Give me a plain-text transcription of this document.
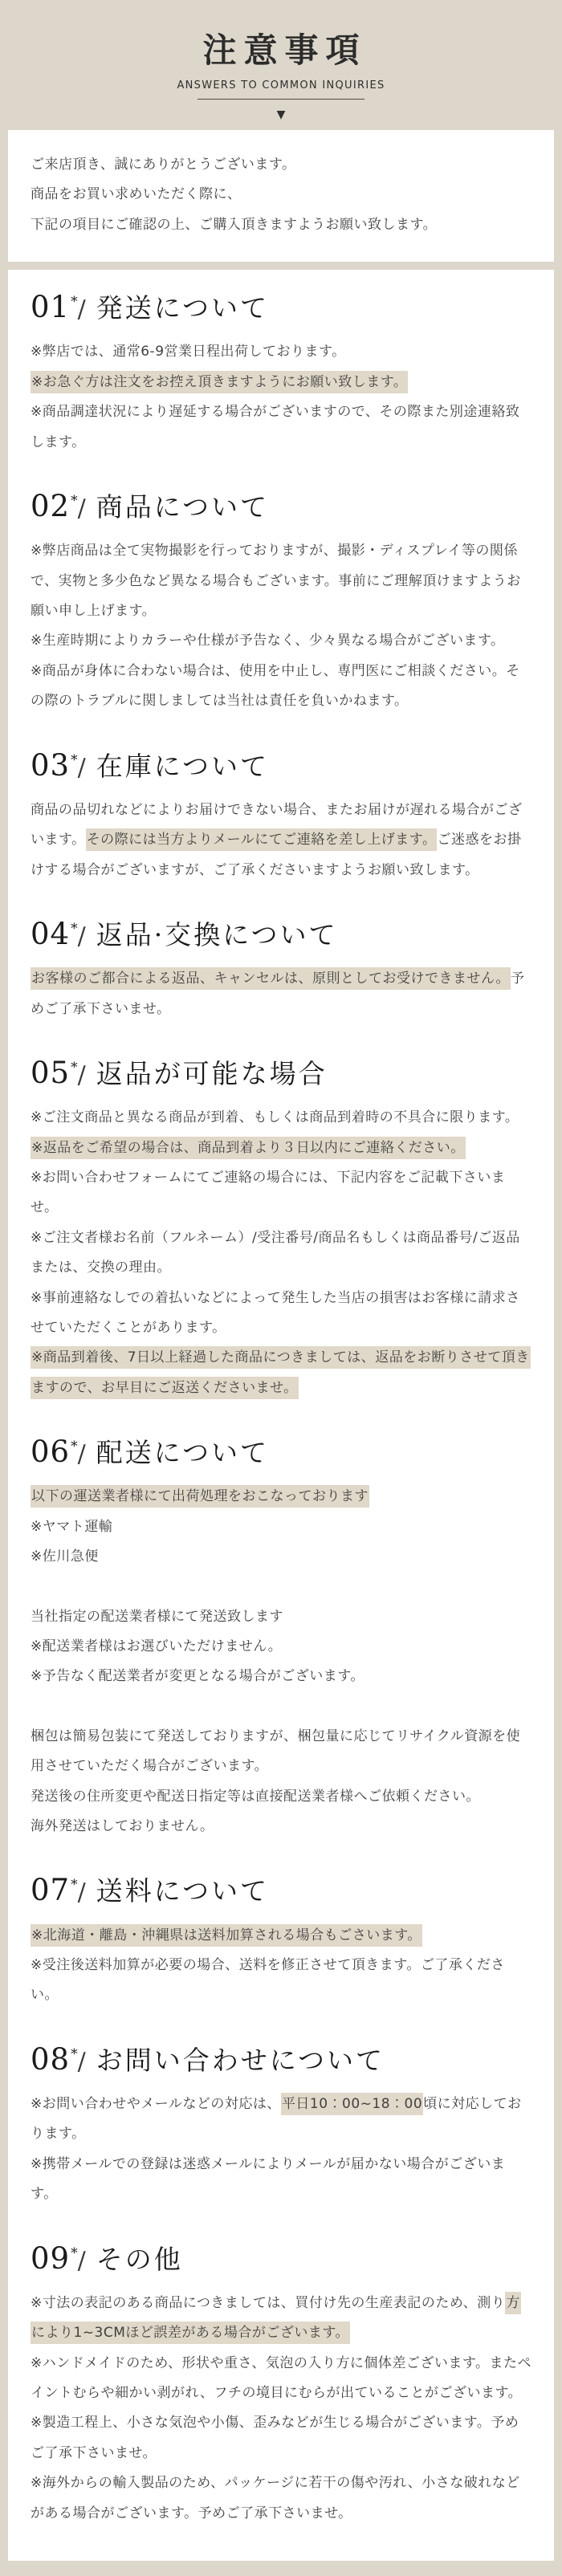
注意事項
ANSWERS TO COMMON INQUIRIES
▼

ご来店頂き、誠にありがとうございます。

商品をお買い求めいただく際に、

下記の項目にご確認の上、ご購入頂きますようお願い致します。

01*/ 発送について

※弊店では、通常6-9営業日程出荷しております。

※お急ぐ方は注文をお控え頂きますようにお願い致します。

※商品調達状況により遅延する場合がございますので、その際また別途連絡致します。

02*/ 商品について

※弊店商品は全て実物撮影を行っておりますが、撮影・ディスプレイ等の関係で、実物と多少色など異なる場合もございます。事前にご理解頂けますようお願い申し上げます。

※生産時期によりカラーや仕様が予告なく、少々異なる場合がございます。

※商品が身体に合わない場合は、使用を中止し、専門医にご相談ください。その際のトラブルに関しましては当社は責任を負いかねます。

03*/ 在庫について

商品の品切れなどによりお届けできない場合、またお届けが遅れる場合がございます。その際には当方よりメールにてご連絡を差し上げます。ご迷惑をお掛けする場合がございますが、ご了承くださいますようお願い致します。

04*/ 返品·交換について

お客様のご都合による返品、キャンセルは、原則としてお受けできません。予めご了承下さいませ。

05*/ 返品が可能な場合

※ご注文商品と異なる商品が到着、もしくは商品到着時の不具合に限ります。

※返品をご希望の場合は、商品到着より３日以内にご連絡ください。

※お問い合わせフォームにてご連絡の場合には、下記内容をご記載下さいませ。

※ご注文者様お名前（フルネーム）/受注番号/商品名もしくは商品番号/ご返品または、交換の理由。

※事前連絡なしでの着払いなどによって発生した当店の損害はお客様に請求させていただくことがあります。

※商品到着後、7日以上経過した商品につきましては、返品をお断りさせて頂きますので、お早目にご返送くださいませ。

06*/ 配送について

以下の運送業者様にて出荷処理をおこなっております

※ヤマト運輸

※佐川急便

当社指定の配送業者様にて発送致します

※配送業者様はお選びいただけません。

※予告なく配送業者が変更となる場合がございます。

梱包は簡易包装にて発送しておりますが、梱包量に応じてリサイクル資源を使用させていただく場合がございます。

発送後の住所変更や配送日指定等は直接配送業者様へご依頼ください。

海外発送はしておりません。

07*/ 送料について

※北海道・離島・沖縄県は送料加算される場合もごさいます。

※受注後送料加算が必要の場合、送料を修正させて頂きます。ご了承ください。

08*/ お問い合わせについて

※お問い合わせやメールなどの対応は、平日10：00~18：00頃に対応しております。

※携帯メールでの登録は迷惑メールによりメールが届かない場合がございます。

09*/ その他

※寸法の表記のある商品につきましては、買付け先の生産表記のため、測り方により1~3CMほど誤差がある場合がございます。

※ハンドメイドのため、形状や重さ、気泡の入り方に個体差ございます。またペイントむらや細かい剥がれ、フチの境目にむらが出ていることがございます。

※製造工程上、小さな気泡や小傷、歪みなどが生じる場合がございます。予めご了承下さいませ。

※海外からの輸入製品のため、パッケージに若干の傷や汚れ、小さな破れなどがある場合がございます。予めご了承下さいませ。
